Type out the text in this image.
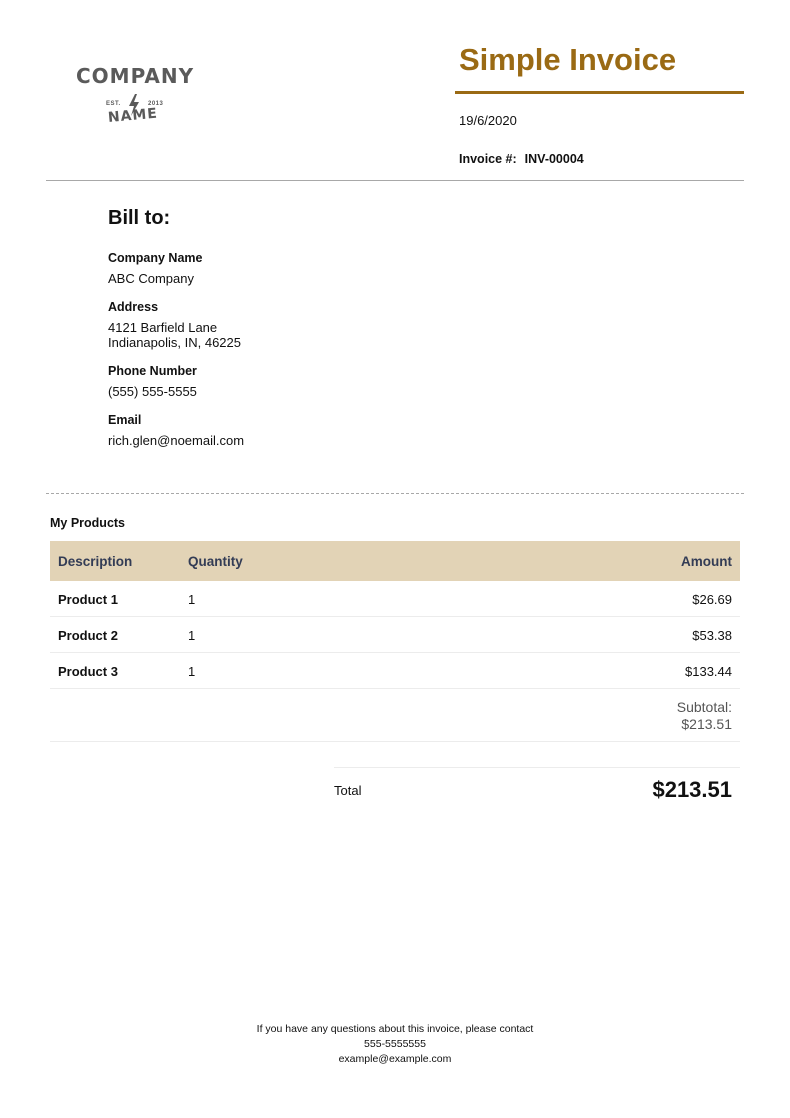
COMPANY
EST.	2013
NAME
Simple Invoice
19/6/2020
Invoice #: INV-00004
Bill to:
Company Name
ABC Company
Address
4121 Barfield Lane
Indianapolis, IN, 46225
Phone Number
(555) 555-5555
Email
rich.glen@noemail.com
My Products
Description	Quantity	Amount
Product 1	1	$26.69
Product 2	1	$53.38
Product 3	1	$133.44
Subtotal:
$213.51
Total	$213.51
If you have any questions about this invoice, please contact
555-5555555
example@example.com
